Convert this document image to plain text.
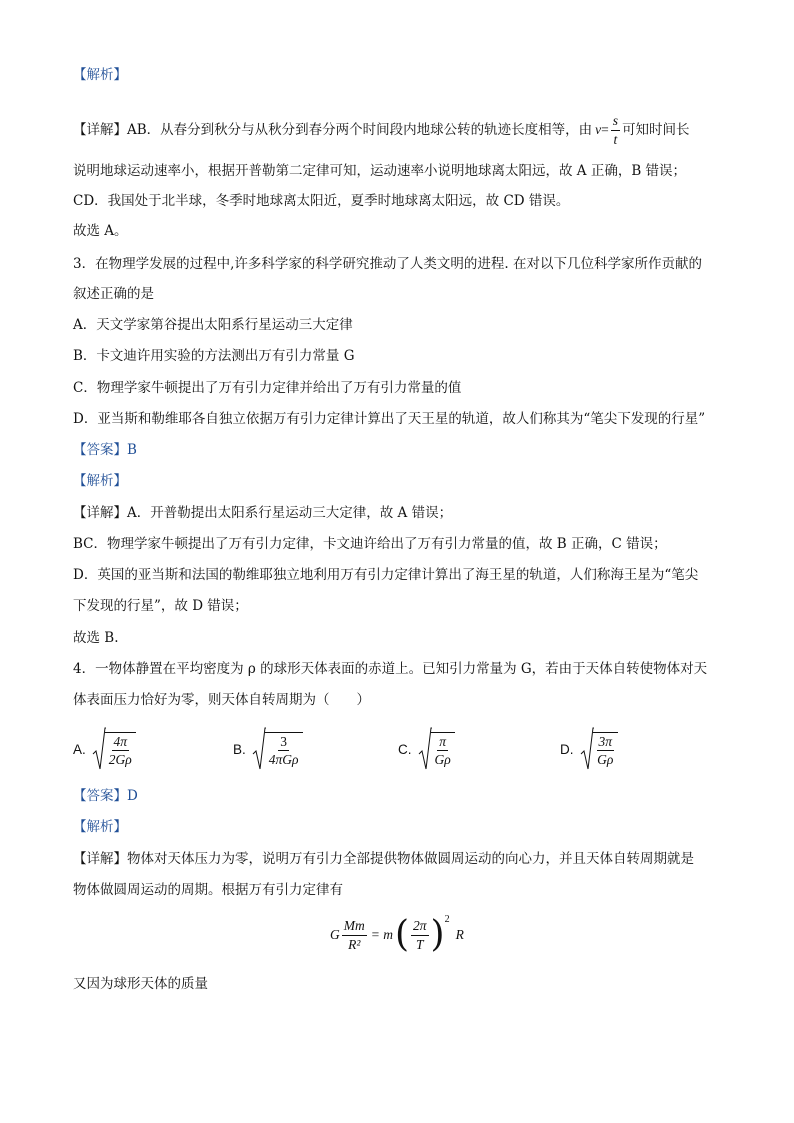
【解析】
【详解】AB．从春分到秋分与从秋分到春分两个时间段内地球公转的轨迹长度相等，由 $v = \frac{s}{t}$ 可知时间长
说明地球运动速率小，根据开普勒第二定律可知，运动速率小说明地球离太阳远，故 A 正确，B 错误；
CD．我国处于北半球，冬季时地球离太阳近，夏季时地球离太阳远，故 CD 错误。
故选 A。
3．在物理学发展的过程中,许多科学家的科学研究推动了人类文明的进程. 在对以下几位科学家所作贡献的
叙述正确的是
A．天文学家第谷提出太阳系行星运动三大定律
B．卡文迪许用实验的方法测出万有引力常量 G
C．物理学家牛顿提出了万有引力定律并给出了万有引力常量的值
D．亚当斯和勒维耶各自独立依据万有引力定律计算出了天王星的轨道，故人们称其为“笔尖下发现的行星”
【答案】B
【解析】
【详解】A．开普勒提出太阳系行星运动三大定律，故 A 错误；
BC．物理学家牛顿提出了万有引力定律，卡文迪许给出了万有引力常量的值，故 B 正确，C 错误；
D．英国的亚当斯和法国的勒维耶独立地利用万有引力定律计算出了海王星的轨道，人们称海王星为“笔尖
下发现的行星”，故 D 错误；
故选 B.
4．一物体静置在平均密度为 ρ 的球形天体表面的赤道上。已知引力常量为 G，若由于天体自转使物体对天
体表面压力恰好为零，则天体自转周期为（　　）
A. $\frac{4\pi}{2G\rho}$	B. $\frac{3}{\text{4πGρ}}$	C. $\frac{\pi}{G\rho}$	D. $\frac{3\pi}{G\rho}$
【答案】D
【解析】
【详解】物体对天体压力为零，说明万有引力全部提供物体做圆周运动的向心力，并且天体自转周期就是
物体做圆周运动的周期。根据万有引力定律有
G $\frac{Mm}{\text{R²}} = m$ ( $\frac{2\pi}{T}$ ) 2
R
又因为球形天体的质量
